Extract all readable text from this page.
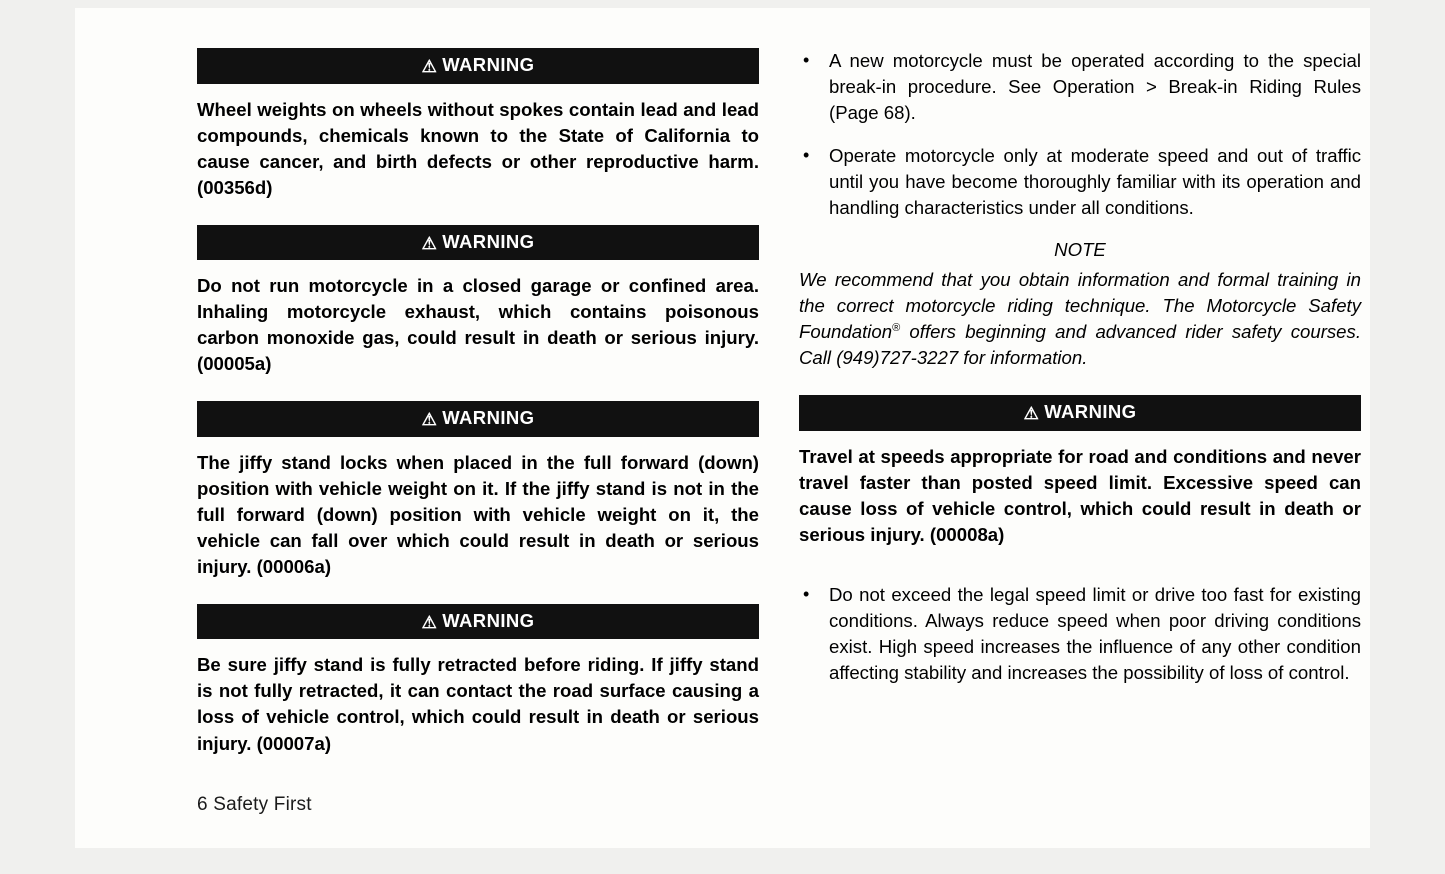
⚠ WARNING

Wheel weights on wheels without spokes contain lead and lead compounds, chemicals known to the State of California to cause cancer, and birth defects or other reproductive harm. (00356d)

⚠ WARNING

Do not run motorcycle in a closed garage or confined area. Inhaling motorcycle exhaust, which contains poisonous carbon monoxide gas, could result in death or serious injury. (00005a)

⚠ WARNING

The jiffy stand locks when placed in the full forward (down) position with vehicle weight on it. If the jiffy stand is not in the full forward (down) position with vehicle weight on it, the vehicle can fall over which could result in death or serious injury. (00006a)

⚠ WARNING

Be sure jiffy stand is fully retracted before riding. If jiffy stand is not fully retracted, it can contact the road surface causing a loss of vehicle control, which could result in death or serious injury. (00007a)

• A new motorcycle must be operated according to the special break-in procedure. See Operation > Break-in Riding Rules (Page 68).
• Operate motorcycle only at moderate speed and out of traffic until you have become thoroughly familiar with its operation and handling characteristics under all conditions.
NOTE

We recommend that you obtain information and formal training in the correct motorcycle riding technique. The Motorcycle Safety Foundation® offers beginning and advanced rider safety courses. Call (949)727-3227 for information.

⚠ WARNING

Travel at speeds appropriate for road and conditions and never travel faster than posted speed limit. Excessive speed can cause loss of vehicle control, which could result in death or serious injury. (00008a)

• Do not exceed the legal speed limit or drive too fast for existing conditions. Always reduce speed when poor driving conditions exist. High speed increases the influence of any other condition affecting stability and increases the possibility of loss of control.
6 Safety First
